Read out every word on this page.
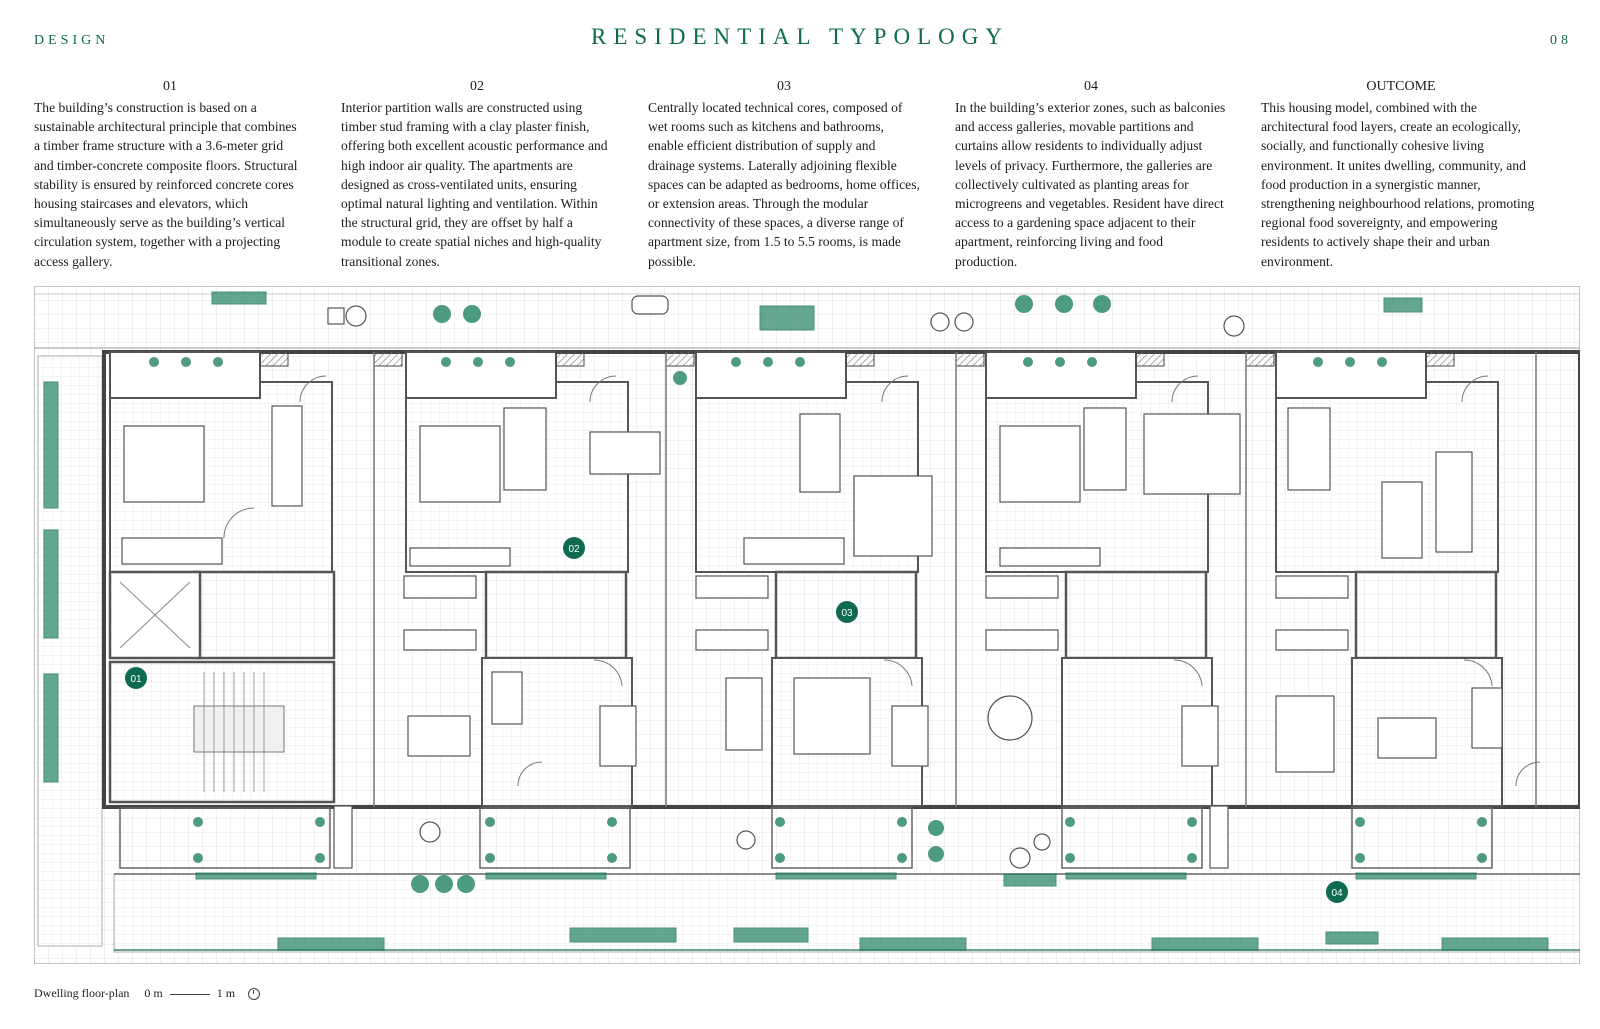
DESIGN	RESIDENTIAL TYPOLOGY	08
01
The building’s construction is based on a sustainable architectural principle that combines a timber frame structure with a 3.6-meter grid and timber-concrete composite floors. Structural stability is ensured by reinforced concrete cores housing staircases and elevators, which simultaneously serve as the building’s vertical circulation system, together with a projecting access gallery.
02
Interior partition walls are constructed using timber stud framing with a clay plaster finish, offering both excellent acoustic performance and high indoor air quality. The apartments are designed as cross-ventilated units, ensuring optimal natural lighting and ventilation. Within the structural grid, they are offset by half a module to create spatial niches and high-quality transitional zones.
03
Centrally located technical cores, composed of wet rooms such as kitchens and bathrooms, enable efficient distribution of supply and drainage systems. Laterally adjoining flexible spaces can be adapted as bedrooms, home offices, or extension areas. Through the modular connectivity of these spaces, a diverse range of apartment size, from 1.5 to 5.5 rooms, is made possible.
04
In the building’s exterior zones, such as balconies and access galleries, movable partitions and curtains allow residents to individually adjust levels of privacy. Furthermore, the galleries are collectively cultivated as planting areas for microgreens and vegetables. Resident have direct access to a gardening space adjacent to their apartment, reinforcing living and food production.
OUTCOME
This housing model, combined with the architectural food layers, create an ecologically, socially, and functionally cohesive living environment. It unites dwelling, community, and food production in a synergistic manner, strengthening neighbourhood relations, promoting regional food sovereignty, and empowering residents to actively shape their and urban environment.
01
02
03
04
Dwelling floor-plan 0 m	1 m
